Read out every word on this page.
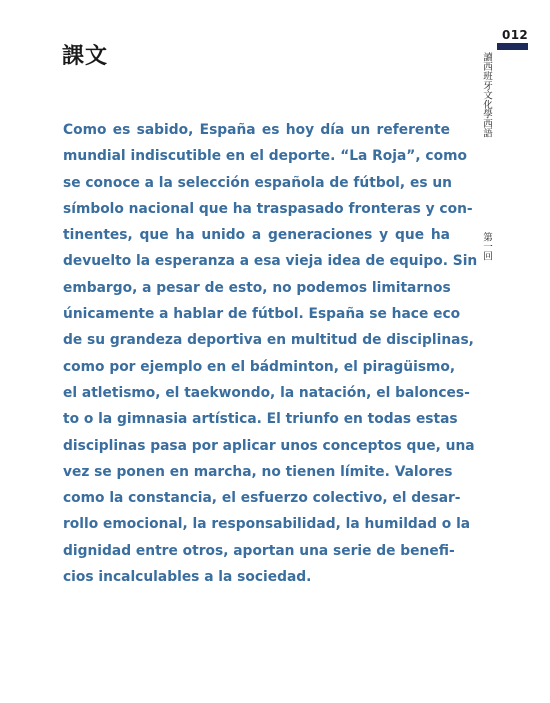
012
讀西班牙文化學西語
第一回
課文
Como es sabido, España es hoy día un referente
mundial indiscutible en el deporte. “La Roja”, como
se conoce a la selección española de fútbol, es un
símbolo nacional que ha traspasado fronteras y con-
tinentes, que ha unido a generaciones y que ha
devuelto la esperanza a esa vieja idea de equipo. Sin
embargo, a pesar de esto, no podemos limitarnos
únicamente a hablar de fútbol. España se hace eco
de su grandeza deportiva en multitud de disciplinas,
como por ejemplo en el bádminton, el piragüismo,
el atletismo, el taekwondo, la natación, el balonces-
to o la gimnasia artística. El triunfo en todas estas
disciplinas pasa por aplicar unos conceptos que, una
vez se ponen en marcha, no tienen límite. Valores
como la constancia, el esfuerzo colectivo, el desar-
rollo emocional, la responsabilidad, la humildad o la
dignidad entre otros, aportan una serie de benefi-
cios incalculables a la sociedad.
